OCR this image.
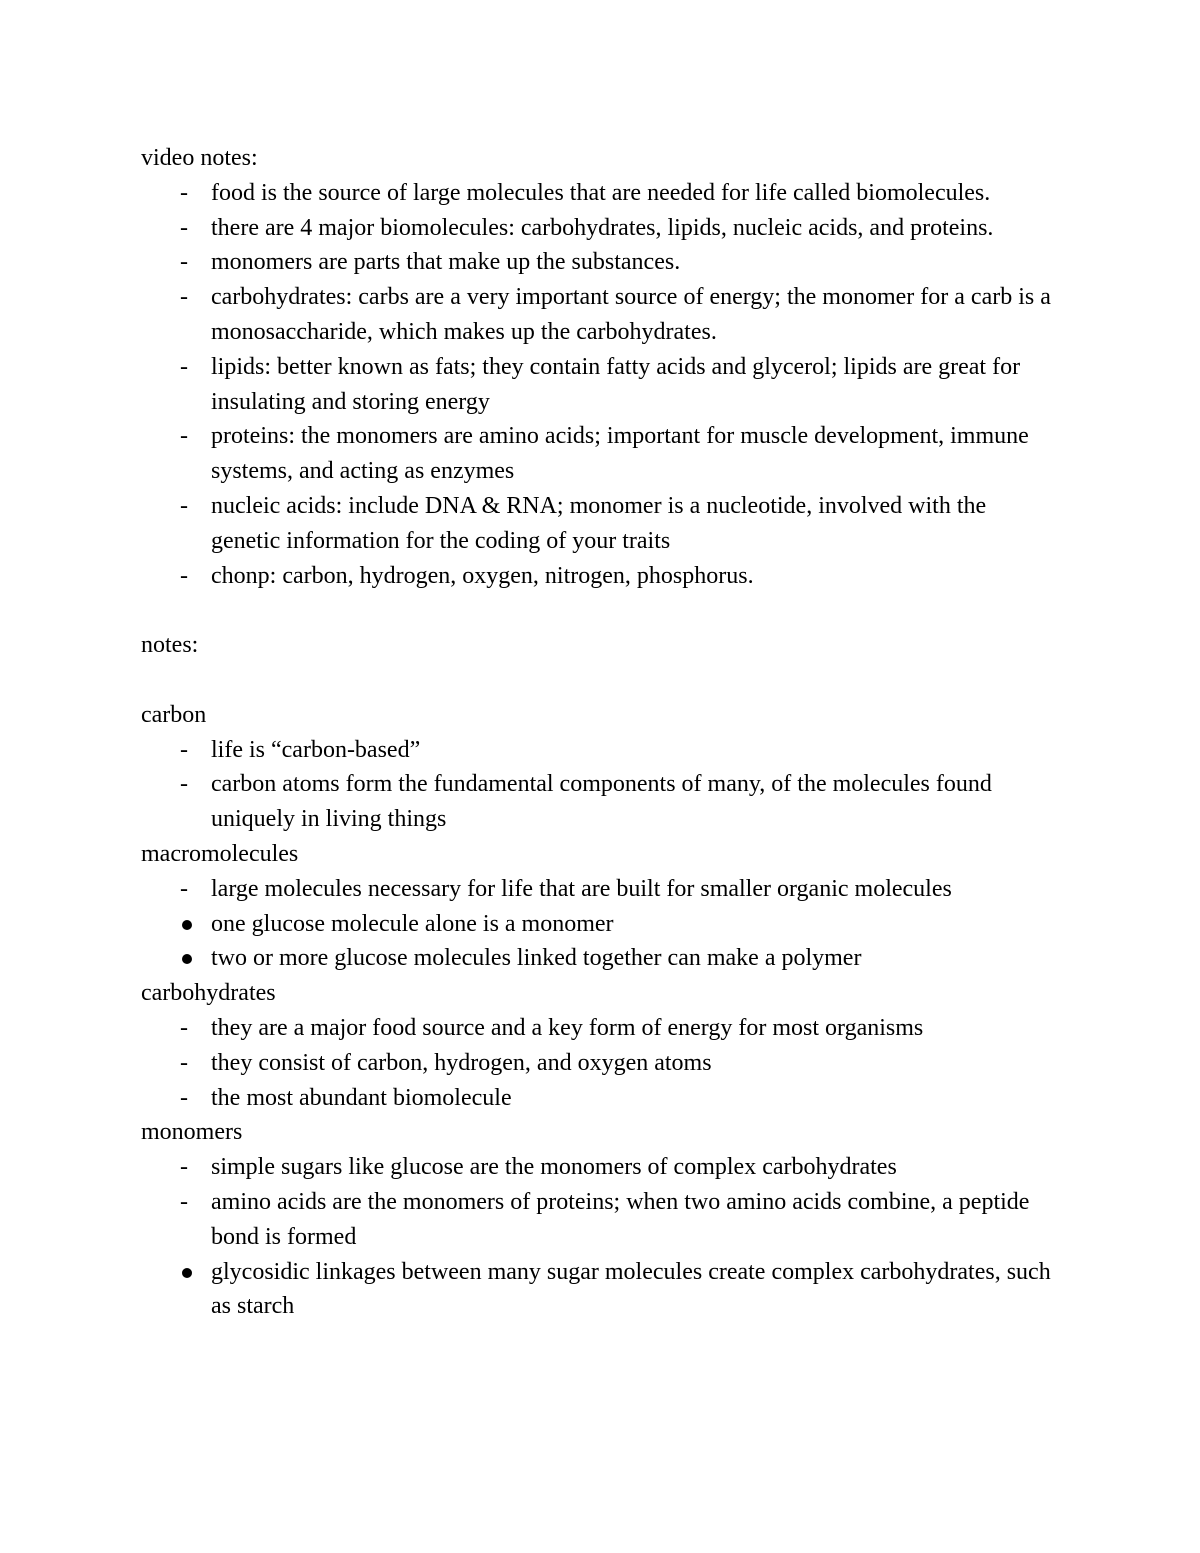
video notes:

- food is the source of large molecules that are needed for life called biomolecules.
- there are 4 major biomolecules: carbohydrates, lipids, nucleic acids, and proteins.
- monomers are parts that make up the substances.
- carbohydrates: carbs are a very important source of energy; the monomer for a carb is a monosaccharide, which makes up the carbohydrates.
- lipids: better known as fats; they contain fatty acids and glycerol; lipids are great for insulating and storing energy
- proteins: the monomers are amino acids; important for muscle development, immune systems, and acting as enzymes
- nucleic acids: include DNA & RNA; monomer is a nucleotide, involved with the genetic information for the coding of your traits
- chonp: carbon, hydrogen, oxygen, nitrogen, phosphorus.

notes:

carbon

- life is “carbon-based”
- carbon atoms form the fundamental components of many, of the molecules found uniquely in living things

macromolecules

- large molecules necessary for life that are built for smaller organic molecules
one glucose molecule alone is a monomer
two or more glucose molecules linked together can make a polymer

carbohydrates

- they are a major food source and a key form of energy for most organisms
- they consist of carbon, hydrogen, and oxygen atoms
- the most abundant biomolecule

monomers

- simple sugars like glucose are the monomers of complex carbohydrates
- amino acids are the monomers of proteins; when two amino acids combine, a peptide bond is formed
glycosidic linkages between many sugar molecules create complex carbohydrates, such as starch
